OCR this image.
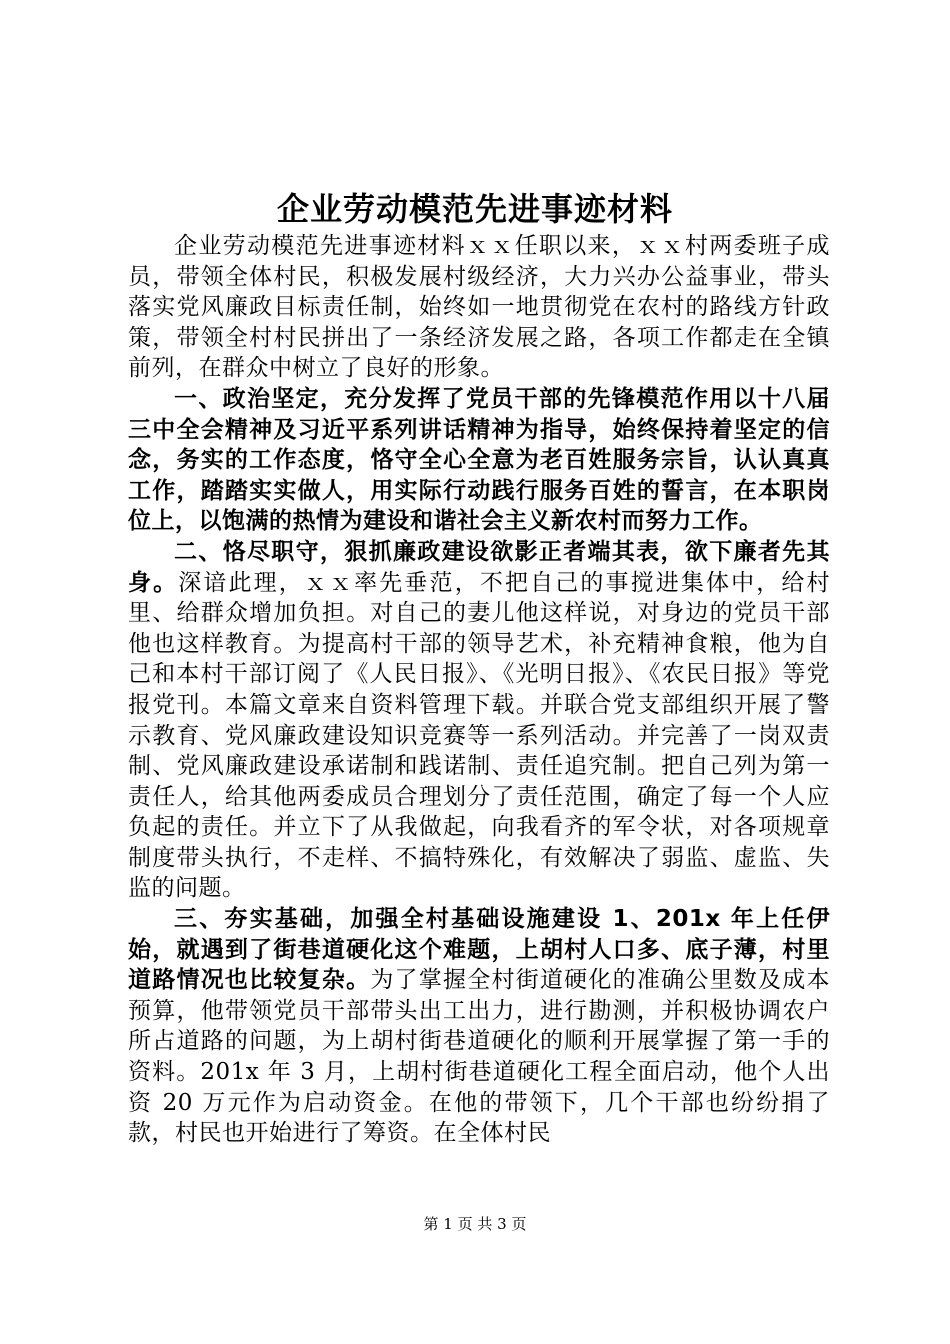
企业劳动模范先进事迹材料

企业劳动模范先进事迹材料ｘｘ任职以来，ｘｘ村两委班子成员，带领全体村民，积极发展村级经济，大力兴办公益事业，带头落实党风廉政目标责任制，始终如一地贯彻党在农村的路线方针政策，带领全村村民拼出了一条经济发展之路，各项工作都走在全镇前列，在群众中树立了良好的形象。

一、政治坚定，充分发挥了党员干部的先锋模范作用以十八届三中全会精神及习近平系列讲话精神为指导，始终保持着坚定的信念，务实的工作态度，恪守全心全意为老百姓服务宗旨，认认真真工作，踏踏实实做人，用实际行动践行服务百姓的誓言，在本职岗位上，以饱满的热情为建设和谐社会主义新农村而努力工作。

二、恪尽职守，狠抓廉政建设欲影正者端其表，欲下廉者先其身。深谙此理，ｘｘ率先垂范，不把自己的事搅进集体中，给村里、给群众增加负担。对自己的妻儿他这样说，对身边的党员干部他也这样教育。为提高村干部的领导艺术，补充精神食粮，他为自己和本村干部订阅了《人民日报》、《光明日报》、《农民日报》等党报党刊。本篇文章来自资料管理下载。并联合党支部组织开展了警示教育、党风廉政建设知识竞赛等一系列活动。并完善了一岗双责制、党风廉政建设承诺制和践诺制、责任追究制。把自己列为第一责任人，给其他两委成员合理划分了责任范围，确定了每一个人应负起的责任。并立下了从我做起，向我看齐的军令状，对各项规章制度带头执行，不走样、不搞特殊化，有效解决了弱监、虚监、失监的问题。

三、夯实基础，加强全村基础设施建设 1、201x 年上任伊始，就遇到了街巷道硬化这个难题，上胡村人口多、底子薄，村里道路情况也比较复杂。为了掌握全村街道硬化的准确公里数及成本预算，他带领党员干部带头出工出力，进行勘测，并积极协调农户所占道路的问题，为上胡村街巷道硬化的顺利开展掌握了第一手的资料。201x 年 3 月，上胡村街巷道硬化工程全面启动，他个人出资 20 万元作为启动资金。在他的带领下，几个干部也纷纷捐了款，村民也开始进行了筹资。在全体村民

第 1 页 共 3 页
